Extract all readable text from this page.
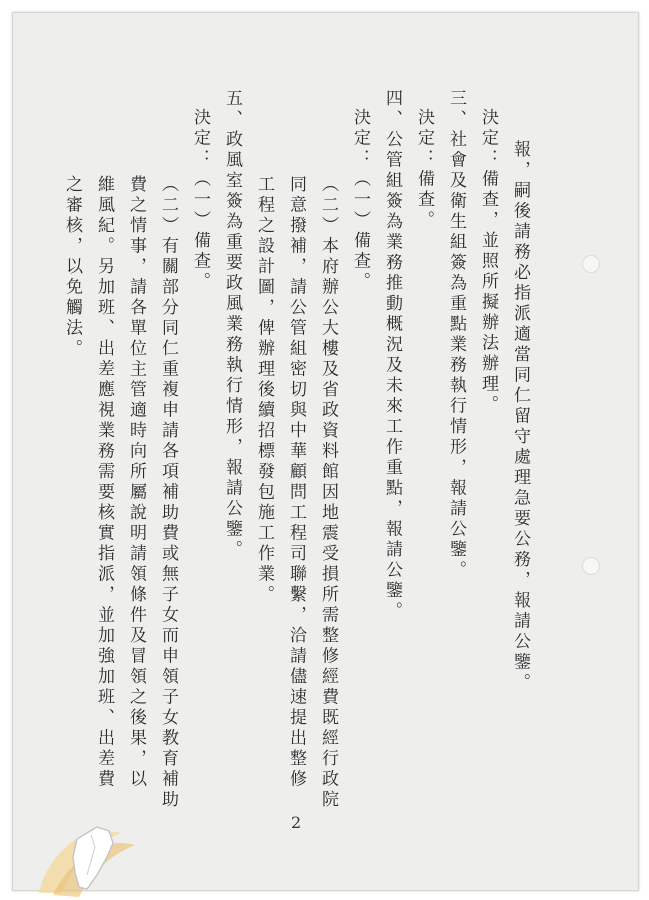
報，嗣後請務必指派適當同仁留守處理急要公務，報請公鑒。
決定：備查，並照所擬辦法辦理。
三、社會及衛生組簽為重點業務執行情形，報請公鑒。
決定：備查。
四、公管組簽為業務推動概況及未來工作重點，報請公鑒。
決定：（一）備查。
（二）本府辦公大樓及省政資料館因地震受損所需整修經費既經行政院
同意撥補，請公管組密切與中華顧問工程司聯繫，洽請儘速提出整修
工程之設計圖，俾辦理後續招標發包施工作業。
五、政風室簽為重要政風業務執行情形，報請公鑒。
決定：（一）備查。
（二）有關部分同仁重複申請各項補助費或無子女而申領子女教育補助
費之情事，請各單位主管適時向所屬說明請領條件及冒領之後果，以
維風紀。另加班、出差應視業務需要核實指派，並加強加班、出差費
之審核，以免觸法。
2
